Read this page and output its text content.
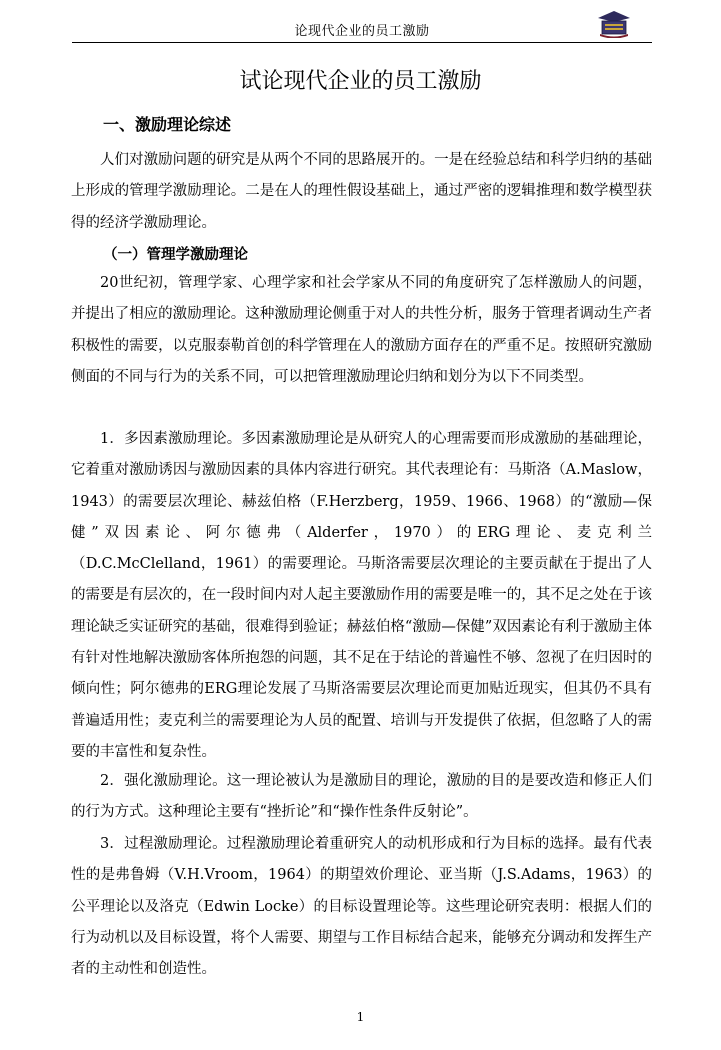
论现代企业的员工激励
试论现代企业的员工激励
一、激励理论综述

人们对激励问题的研究是从两个不同的思路展开的。一是在经验总结和科学归纳的基础上形成的管理学激励理论。二是在人的理性假设基础上，通过严密的逻辑推理和数学模型获得的经济学激励理论。

（一）管理学激励理论

20世纪初，管理学家、心理学家和社会学家从不同的角度研究了怎样激励人的问题，并提出了相应的激励理论。这种激励理论侧重于对人的共性分析，服务于管理者调动生产者积极性的需要，以克服泰勒首创的科学管理在人的激励方面存在的严重不足。按照研究激励侧面的不同与行为的关系不同，可以把管理激励理论归纳和划分为以下不同类型。

1．多因素激励理论。多因素激励理论是从研究人的心理需要而形成激励的基础理论，它着重对激励诱因与激励因素的具体内容进行研究。其代表理论有：马斯洛（A.Maslow，1943）的需要层次理论、赫兹伯格（F.Herzberg，1959、1966、1968）的“激励—保健”双因素论、阿尔德弗（Alderfer，1970）的ERG理论、麦克利兰（D.C.McClelland，1961）的需要理论。马斯洛需要层次理论的主要贡献在于提出了人的需要是有层次的，在一段时间内对人起主要激励作用的需要是唯一的，其不足之处在于该理论缺乏实证研究的基础，很难得到验证；赫兹伯格“激励—保健”双因素论有利于激励主体有针对性地解决激励客体所抱怨的问题，其不足在于结论的普遍性不够、忽视了在归因时的倾向性；阿尔德弗的ERG理论发展了马斯洛需要层次理论而更加贴近现实，但其仍不具有普遍适用性；麦克利兰的需要理论为人员的配置、培训与开发提供了依据，但忽略了人的需要的丰富性和复杂性。

2．强化激励理论。这一理论被认为是激励目的理论，激励的目的是要改造和修正人们的行为方式。这种理论主要有“挫折论”和“操作性条件反射论”。

3．过程激励理论。过程激励理论着重研究人的动机形成和行为目标的选择。最有代表性的是弗鲁姆（V.H.Vroom，1964）的期望效价理论、亚当斯（J.S.Adams，1963）的公平理论以及洛克（Edwin Locke）的目标设置理论等。这些理论研究表明：根据人们的行为动机以及目标设置，将个人需要、期望与工作目标结合起来，能够充分调动和发挥生产者的主动性和创造性。

1
